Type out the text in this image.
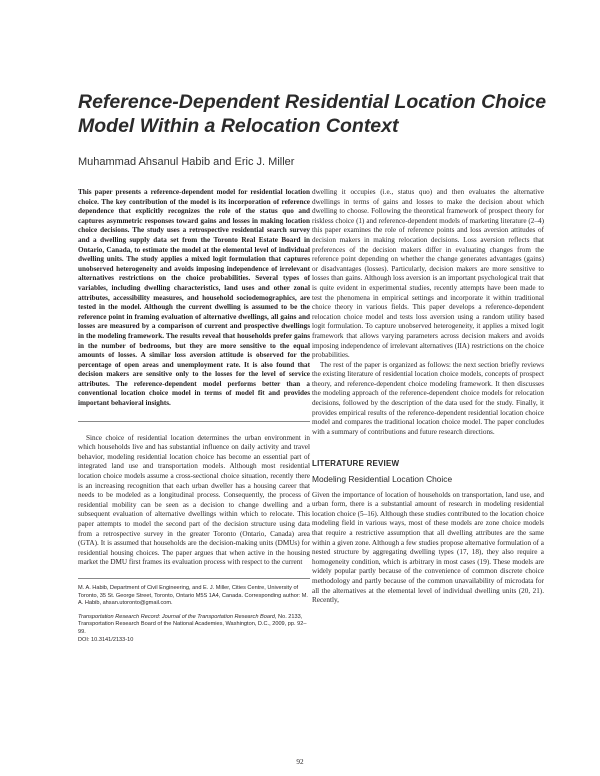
Reference-Dependent Residential Location Choice Model Within a Relocation Context

Muhammad Ahsanul Habib and Eric J. Miller

This paper presents a reference-dependent model for residential location choice. The key contribution of the model is its incorporation of reference dependence that explicitly recognizes the role of the status quo and captures asymmetric responses toward gains and losses in making location choice decisions. The study uses a retrospective residential search survey and a dwelling supply data set from the Toronto Real Estate Board in Ontario, Canada, to estimate the model at the elemental level of individual dwelling units. The study applies a mixed logit formulation that captures unobserved heterogeneity and avoids imposing independence of irrelevant alternatives restrictions on the choice probabilities. Several types of variables, including dwelling characteristics, land uses and other zonal attributes, accessibility measures, and household sociodemographics, are tested in the model. Although the current dwelling is assumed to be the reference point in framing evaluation of alternative dwellings, all gains and losses are measured by a comparison of current and prospective dwellings in the modeling framework. The results reveal that households prefer gains in the number of bedrooms, but they are more sensitive to the equal amounts of losses. A similar loss aversion attitude is observed for the percentage of open areas and unemployment rate. It is also found that decision makers are sensitive only to the losses for the level of service attributes. The reference-dependent model performs better than a conventional location choice model in terms of model fit and provides important behavioral insights.

Since choice of residential location determines the urban environment in which households live and has substantial influence on daily activity and travel behavior, modeling residential location choice has become an essential part of integrated land use and transportation models. Although most residential location choice models assume a cross-sectional choice situation, recently there is an increasing recognition that each urban dweller has a housing career that needs to be modeled as a longitudinal process. Consequently, the process of residential mobility can be seen as a decision to change dwelling and a subsequent evaluation of alternative dwellings within which to relocate. This paper attempts to model the second part of the decision structure using data from a retrospective survey in the greater Toronto (Ontario, Canada) area (GTA). It is assumed that households are the decision-making units (DMUs) for residential housing choices. The paper argues that when active in the housing market the DMU first frames its evaluation process with respect to the current

M. A. Habib, Department of Civil Engineering, and E. J. Miller, Cities Centre, University of Toronto, 35 St. George Street, Toronto, Ontario M5S 1A4, Canada. Corresponding author: M. A. Habib, ahsan.utoronto@gmail.com.

Transportation Research Record: Journal of the Transportation Research Board, No. 2133, Transportation Research Board of the National Academies, Washington, D.C., 2009, pp. 92–99.
DOI: 10.3141/2133-10

dwelling it occupies (i.e., status quo) and then evaluates the alternative dwellings in terms of gains and losses to make the decision about which dwelling to choose. Following the theoretical framework of prospect theory for riskless choice (1) and reference-dependent models of marketing literature (2–4) this paper examines the role of reference points and loss aversion attitudes of decision makers in making relocation decisions. Loss aversion reflects that preferences of the decision makers differ in evaluating changes from the reference point depending on whether the change generates advantages (gains) or disadvantages (losses). Particularly, decision makers are more sensitive to losses than gains. Although loss aversion is an important psychological trait that is quite evident in experimental studies, recently attempts have been made to test the phenomena in empirical settings and incorporate it within traditional choice theory in various fields. This paper develops a reference-dependent relocation choice model and tests loss aversion using a random utility based logit formulation. To capture unobserved heterogeneity, it applies a mixed logit framework that allows varying parameters across decision makers and avoids imposing independence of irrelevant alternatives (IIA) restrictions on the choice probabilities.

The rest of the paper is organized as follows: the next section briefly reviews the existing literature of residential location choice models, concepts of prospect theory, and reference-dependent choice modeling framework. It then discusses the modeling approach of the reference-dependent choice models for relocation decisions, followed by the description of the data used for the study. Finally, it provides empirical results of the reference-dependent residential location choice model and compares the traditional location choice model. The paper concludes with a summary of contributions and future research directions.

LITERATURE REVIEW
Modeling Residential Location Choice

Given the importance of location of households on transportation, land use, and urban form, there is a substantial amount of research in modeling residential location choice (5–16). Although these studies contributed to the location choice modeling field in various ways, most of these models are zone choice models that require a restrictive assumption that all dwelling attributes are the same within a given zone. Although a few studies propose alternative formulation of a nested structure by aggregating dwelling types (17, 18), they also require a homogeneity condition, which is arbitrary in most cases (19). These models are widely popular partly because of the convenience of common discrete choice methodology and partly because of the common unavailability of microdata for all the alternatives at the elemental level of individual dwelling units (20, 21). Recently,

92
